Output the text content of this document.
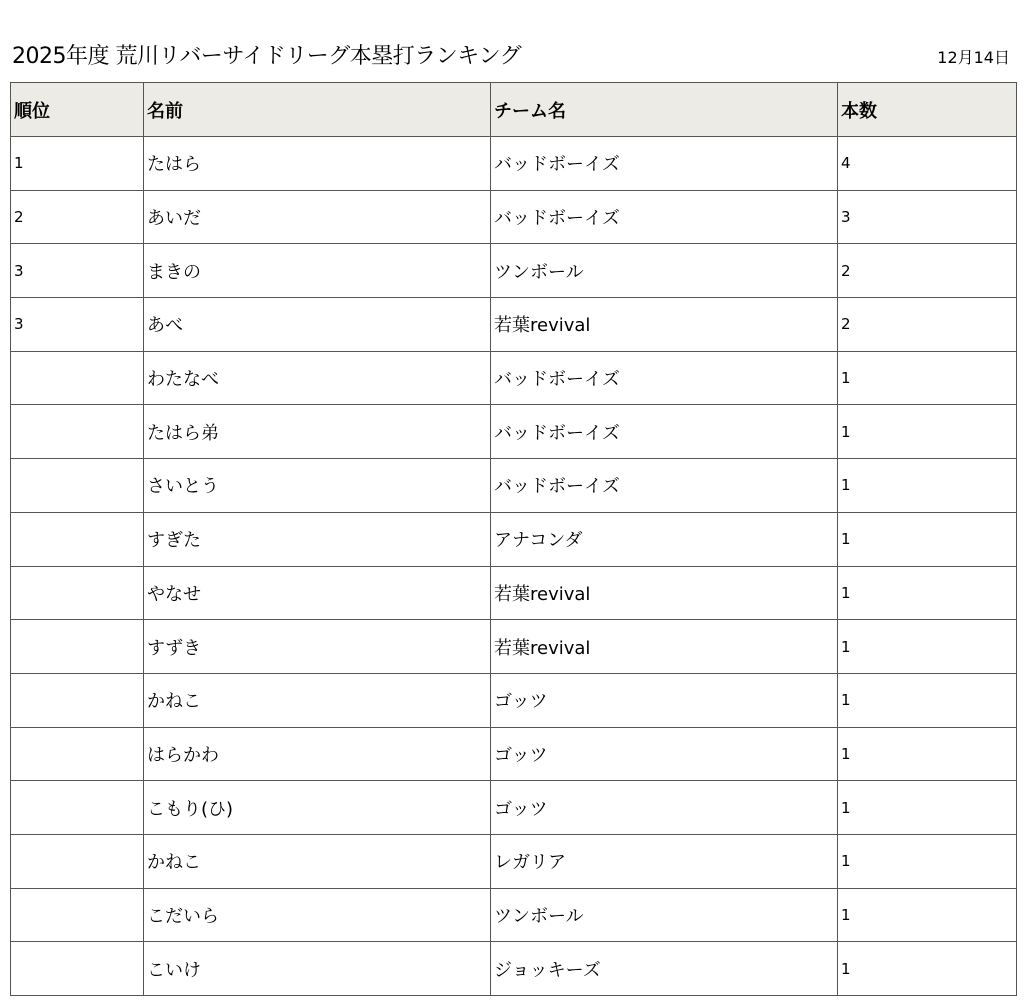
2025年度 荒川リバーサイドリーグ本塁打ランキング	12月14日
順位	名前	チーム名	本数
1	たはら	バッドボーイズ	4
2	あいだ	バッドボーイズ	3
3	まきの	ツンボール	2
3	あべ	若葉revival	2
	わたなべ	バッドボーイズ	1
	たはら弟	バッドボーイズ	1
	さいとう	バッドボーイズ	1
	すぎた	アナコンダ	1
	やなせ	若葉revival	1
	すずき	若葉revival	1
	かねこ	ゴッツ	1
	はらかわ	ゴッツ	1
	こもり(ひ)	ゴッツ	1
	かねこ	レガリア	1
	こだいら	ツンボール	1
	こいけ	ジョッキーズ	1
